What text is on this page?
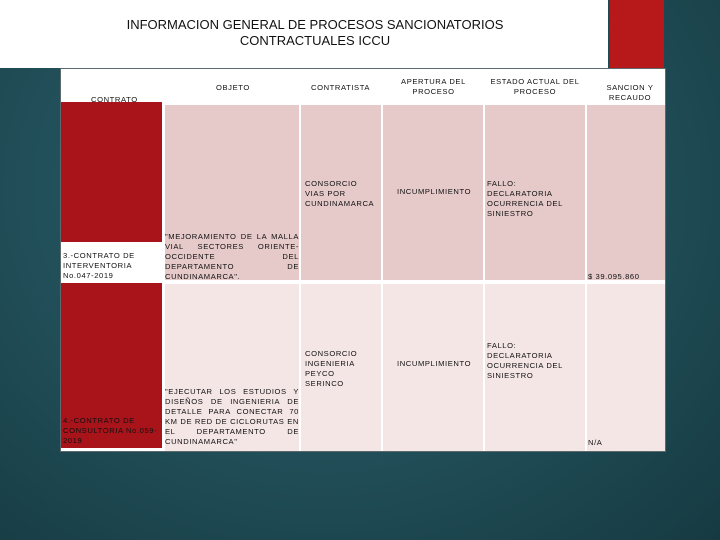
INFORMACION GENERAL DE PROCESOS SANCIONATORIOS
CONTRACTUALES ICCU
CONTRATO
OBJETO	CONTRATISTA
APERTURA DEL PROCESO
ESTADO ACTUAL DEL PROCESO	SANCION Y RECAUDO
3.-CONTRATO DE INTERVENTORIA No.047-2019
"MEJORAMIENTO DE LA MALLA VIAL SECTORES ORIENTE-OCCIDENTE DEL DEPARTAMENTO DE CUNDINAMARCA".
CONSORCIO VIAS POR CUNDINAMARCA
INCUMPLIMIENTO
FALLO: DECLARATORIA OCURRENCIA DEL SINIESTRO
$ 39.095.860
4.-CONTRATO DE CONSULTORIA No.059-2019
"EJECUTAR LOS ESTUDIOS Y DISEÑOS DE INGENIERIA DE DETALLE PARA CONECTAR 70 KM DE RED DE CICLORUTAS EN EL DEPARTAMENTO DE CUNDINAMARCA"
CONSORCIO INGENIERIA PEYCO SERINCO
INCUMPLIMIENTO
FALLO: DECLARATORIA OCURRENCIA DEL SINIESTRO
N/A
